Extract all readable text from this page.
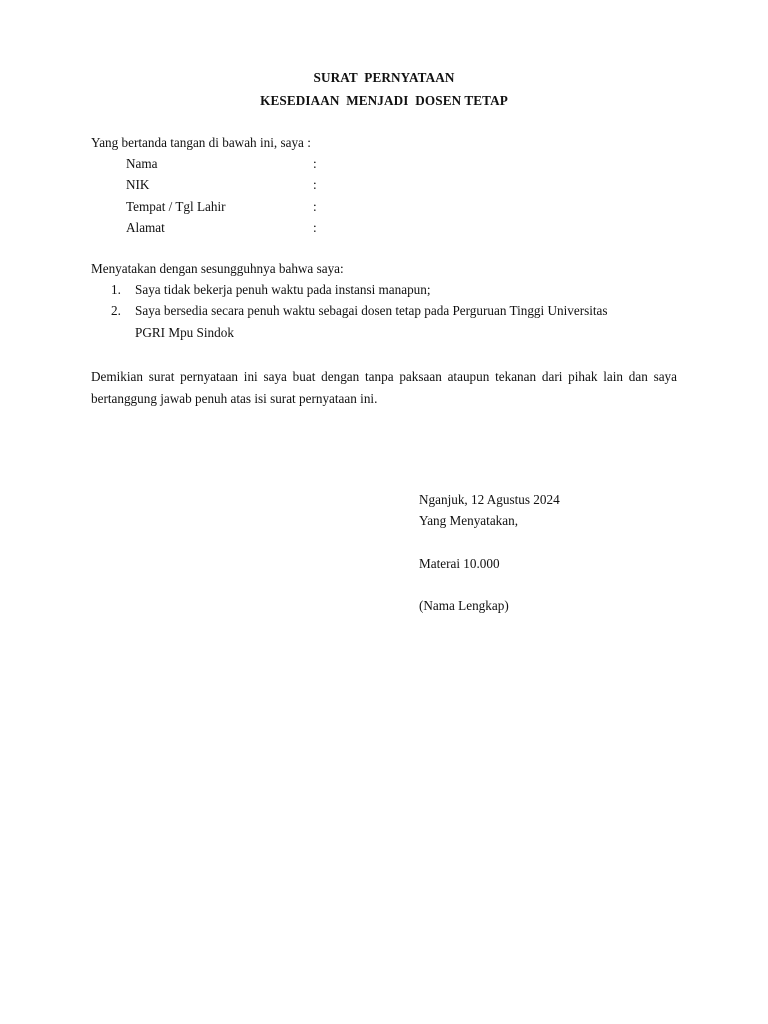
SURAT  PERNYATAAN
KESEDIAAN  MENJADI  DOSEN TETAP
Yang bertanda tangan di bawah ini, saya :
Nama	:
NIK	:
Tempat / Tgl Lahir	:
Alamat	:
Menyatakan dengan sesungguhnya bahwa saya:
1. Saya tidak bekerja penuh waktu pada instansi manapun;
2. Saya bersedia secara penuh waktu sebagai dosen tetap pada Perguruan Tinggi Universitas
PGRI Mpu Sindok
Demikian surat pernyataan ini saya buat dengan tanpa paksaan ataupun tekanan dari pihak lain dan saya bertanggung jawab penuh atas isi surat pernyataan ini.
Nganjuk, 12 Agustus 2024
Yang Menyatakan,
Materai 10.000
(Nama Lengkap)
